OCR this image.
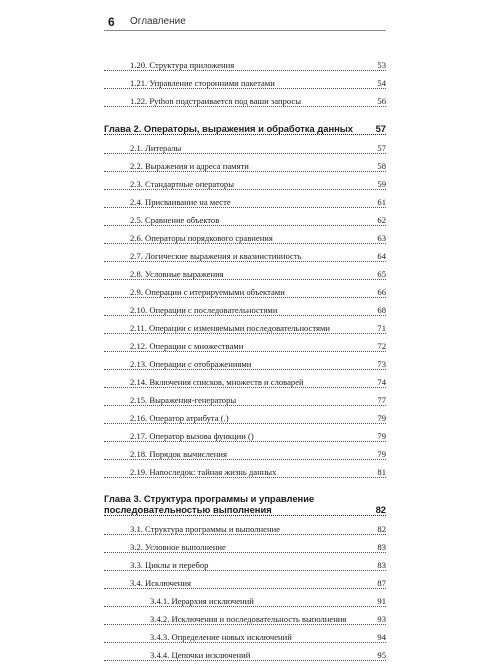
6 Оглавление
1.20. Структура приложения	53
1.21. Управление сторонними пакетами	54
1.22. Python подстраивается под ваши запросы	56
Глава 2. Операторы, выражения и обработка данных 57
2.1. Литералы	57
2.2. Выражения и адреса памяти	58
2.3. Стандартные операторы	59
2.4. Присваивание на месте	61
2.5. Сравнение объектов	62
2.6. Операторы порядкового сравнения	63
2.7. Логические выражения и квазиистинность	64
2.8. Условные выражения	65
2.9. Операции с итерируемыми объектами	66
2.10. Операции с последовательностями	68
2.11. Операции с изменяемыми последовательностями	71
2.12. Операции с множествами	72
2.13. Операции с отображениями	73
2.14. Включения списков, множеств и словарей	74
2.15. Выражения-генераторы	77
2.16. Оператор атрибута (.)	79
2.17. Оператор вызова функции ()	79
2.18. Порядок вычисления	79
2.19. Напоследок: тайная жизнь данных	81
Глава 3. Структура программы и управление
последовательностью выполнения	82
3.1. Структура программы и выполнение	82
3.2. Условное выполнение	83
3.3. Циклы и перебор	83
3.4. Исключения	87
3.4.1. Иерархия исключений	91
3.4.2. Исключения и последовательность выполнения	93
3.4.3. Определение новых исключений	94
3.4.4. Цепочки исключений	95
